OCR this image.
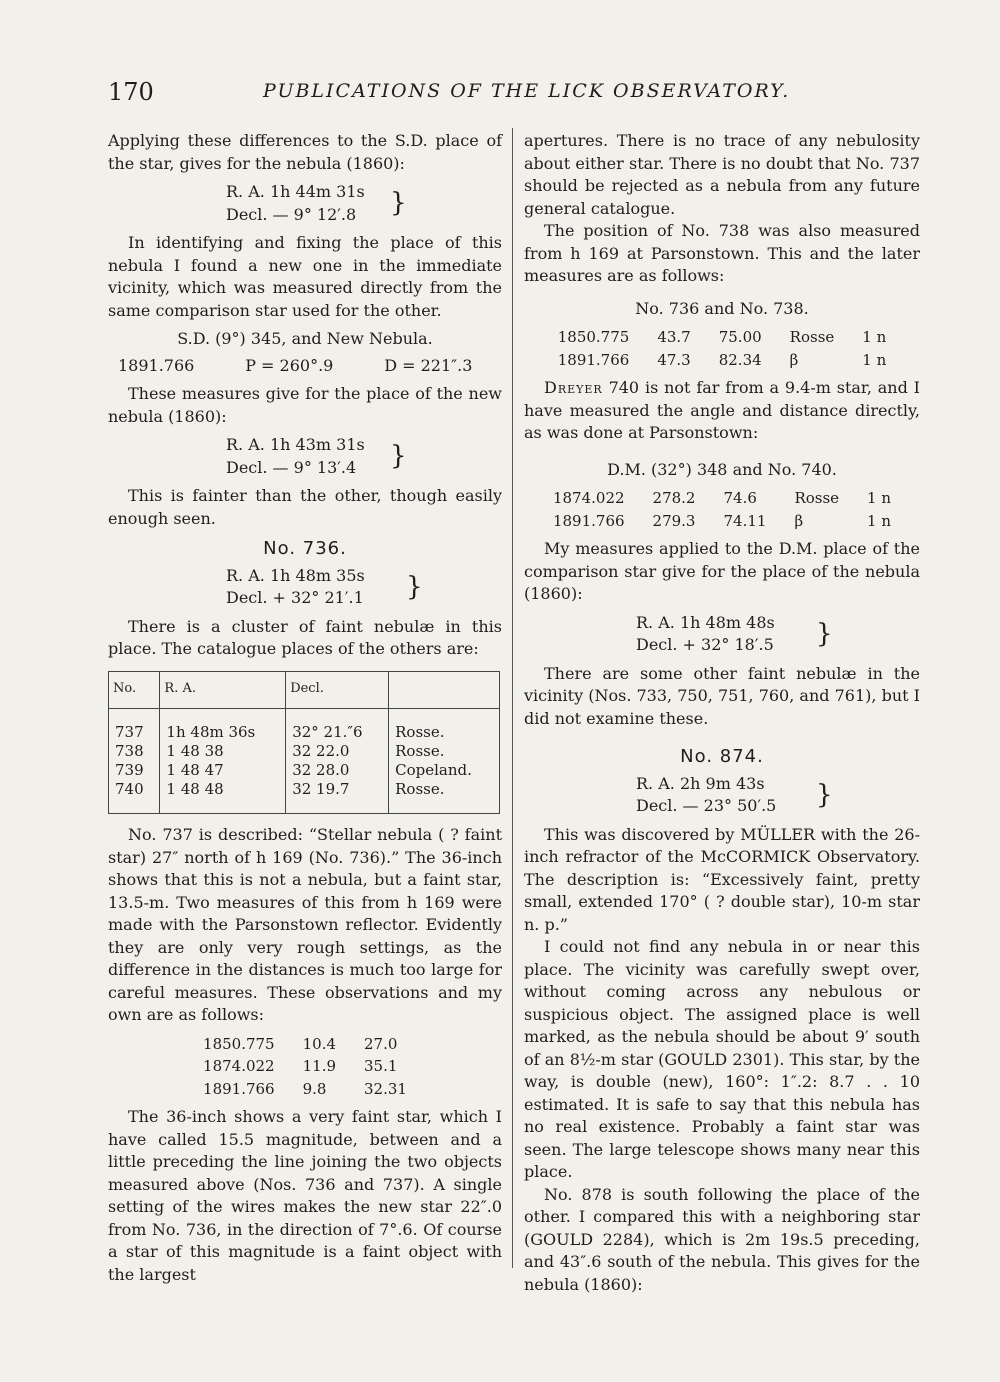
170	PUBLICATIONS OF THE LICK OBSERVATORY.

Applying these differences to the S.D. place of the star, gives for the nebula (1860):

R. A. 1h 44m 31s
Decl. — 9° 12′.8	}

In identifying and fixing the place of this nebula I found a new one in the immediate vicinity, which was measured directly from the same comparison star used for the other.

S.D. (9°) 345, and New Nebula.

1891.766          P = 260°.9          D = 221″.3

These measures give for the place of the new nebula (1860):

R. A. 1h 43m 31s
Decl. — 9° 13′.4	}

This is fainter than the other, though easily enough seen.

No. 736.
R. A. 1h 48m 35s
Decl. + 32° 21′.1	}

There is a cluster of faint nebulæ in this place. The catalogue places of the others are:

No.	R. A.	Decl.	
737	1h 48m 36s	32° 21.″6	Rosse.
738	1 48 38	32 22.0	Rosse.
739	1 48 47	32 28.0	Copeland.
740	1 48 48	32 19.7	Rosse.

No. 737 is described: “Stellar nebula ( ? faint star) 27″ north of h 169 (No. 736).” The 36-inch shows that this is not a nebula, but a faint star, 13.5-m. Two measures of this from h 169 were made with the Parsonstown reflector. Evidently they are only very rough settings, as the difference in the distances is much too large for careful measures. These observations and my own are as follows:

1850.775	10.4	27.0
1874.022	11.9	35.1
1891.766	9.8	32.31

The 36-inch shows a very faint star, which I have called 15.5 magnitude, between and a little preceding the line joining the two objects measured above (Nos. 736 and 737). A single setting of the wires makes the new star 22″.0 from No. 736, in the direction of 7°.6. Of course a star of this magnitude is a faint object with the largest

apertures. There is no trace of any nebulosity about either star. There is no doubt that No. 737 should be rejected as a nebula from any future general catalogue.

The position of No. 738 was also measured from h 169 at Parsonstown. This and the later measures are as follows:

No. 736 and No. 738.

1850.775	43.7	75.00	Rosse	1 n
1891.766	47.3	82.34	β	1 n

Dreyer 740 is not far from a 9.4-m star, and I have measured the angle and distance directly, as was done at Parsonstown:

D.M. (32°) 348 and No. 740.

1874.022	278.2	74.6	Rosse	1 n
1891.766	279.3	74.11	β	1 n

My measures applied to the D.M. place of the comparison star give for the place of the nebula (1860):

R. A. 1h 48m 48s
Decl. + 32° 18′.5	}

There are some other faint nebulæ in the vicinity (Nos. 733, 750, 751, 760, and 761), but I did not examine these.

No. 874.
R. A. 2h 9m 43s
Decl. — 23° 50′.5	}

This was discovered by MÜLLER with the 26-inch refractor of the McCORMICK Observatory. The description is: “Excessively faint, pretty small, extended 170° ( ? double star), 10-m star n. p.”

I could not find any nebula in or near this place. The vicinity was carefully swept over, without coming across any nebulous or suspicious object. The assigned place is well marked, as the nebula should be about 9′ south of an 8½-m star (GOULD 2301). This star, by the way, is double (new), 160°: 1″.2: 8.7 . . 10 estimated. It is safe to say that this nebula has no real existence. Probably a faint star was seen. The large telescope shows many near this place.

No. 878 is south following the place of the other. I compared this with a neighboring star (GOULD 2284), which is 2m 19s.5 preceding, and 43″.6 south of the nebula. This gives for the nebula (1860):
